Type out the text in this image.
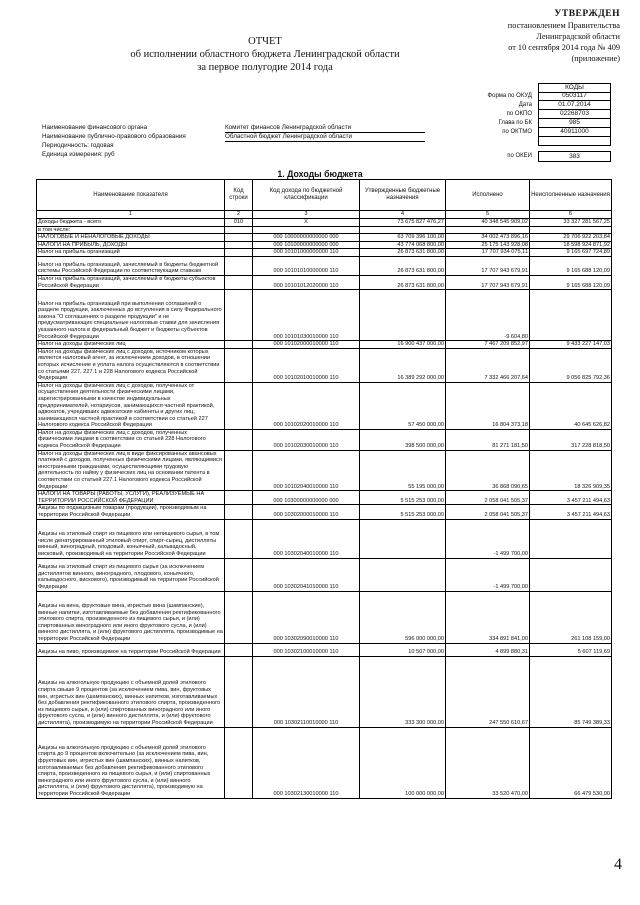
УТВЕРЖДЕН
постановлением Правительства
Ленинградской области
от 10 сентября 2014 года № 409
(приложение)
ОТЧЕТ
об исполнении областного бюджета Ленинградской области
за первое полугодие 2014 года
КОДЫ
Форма по ОКУД	0503117
Дата	01.07.2014
по ОКПО	02268703
Глава по БК	985
по ОКТМО	40911000
по ОКЕИ	383
Наименование финансового органа	Комитет финансов Ленинградской области
Наименование публично-правового образования	Областной бюджет Ленинградской области
Периодичность: годовая
Единица измерения: руб
1. Доходы бюджета
Наименование показателя	Код строки	Код дохода по бюджетной классификации	Утвержденные бюджетные назначения	Исполнено	Неисполненные назначения
1	2	3	4	5	6
Доходы бюджета - всего	010	X	73 675 827 476,27	40 348 545 909,02	33 327 281 567,25
в том числе:					
НАЛОГОВЫЕ И НЕНАЛОГОВЫЕ ДОХОДЫ		000 10000000000000 000	63 709 396 100,00	34 002 473 896,16	29 706 922 203,84
НАЛОГИ НА ПРИБЫЛЬ, ДОХОДЫ		000 10100000000000 000	43 774 068 800,00	25 175 143 928,08	18 598 924 871,92
Налог на прибыль организаций		000 10101000000000 110	26 873 631 800,00	17 707 934 075,11	9 165 697 724,89
Налог на прибыль организаций, зачисляемый в бюджеты бюджетной системы Российской Федерации по соответствующим ставкам		000 10101010000000 110	26 873 631 800,00	17 707 943 679,91	9 165 688 120,09
Налог на прибыль организаций, зачисляемый в бюджеты субъектов Российской Федерации		000 10101012020000 110	26 873 631 800,00	17 707 943 679,91	9 165 688 120,09
Налог на прибыль организаций при выполнении соглашений о разделе продукции, заключенных до вступления в силу Федерального закона "О соглашениях о разделе продукции" и не предусматривающих специальные налоговые ставки для зачисления указанного налога в федеральный бюджет и бюджеты субъектов Российской Федерации		000 10101030010000 110		-9 604,80	
Налог на доходы физических лиц		000 10102000010000 110	16 900 437 000,00	7 467 209 852,97	9 433 227 147,03
Налог на доходы физических лиц с доходов, источником которых является налоговый агент, за исключением доходов, в отношении которых исчисление и уплата налога осуществляются в соответствии со статьями 227, 227.1 и 228 Налогового кодекса Российской Федерации		000 10102010010000 110	16 389 292 000,00	7 332 466 207,64	9 056 825 792,36
Налог на доходы физических лиц с доходов, полученных от осуществления деятельности физическими лицами, зарегистрированными в качестве индивидуальных предпринимателей, нотариусов, занимающихся частной практикой, адвокатов, учредивших адвокатские кабинеты и других лиц, занимающихся частной практикой в соответствии со статьей 227 Налогового кодекса Российской Федерации		000 10102020010000 110	57 450 000,00	16 804 373,18	40 645 626,82
Налог на доходы физических лиц с доходов, полученных физическими лицами в соответствии со статьей 228 Налогового кодекса Российской Федерации		000 10102030010000 110	398 500 000,00	81 271 181,50	317 228 818,50
Налог на доходы физических лиц в виде фиксированных авансовых платежей с доходов, полученных физическими лицами, являющимися иностранными гражданами, осуществляющими трудовую деятельность по найму у физических лиц на основании патента в соответствии со статьей 227.1 Налогового кодекса Российской Федерации		000 10102040010000 110	55 195 000,00	36 868 090,65	18 326 909,35
НАЛОГИ НА ТОВАРЫ (РАБОТЫ, УСЛУГИ), РЕАЛИЗУЕМЫЕ НА ТЕРРИТОРИИ РОССИЙСКОЙ ФЕДЕРАЦИИ		000 10300000000000 000	5 515 253 000,00	2 058 041 505,37	3 457 211 494,63
Акцизы по подакцизным товарам (продукции), производимым на территории Российской Федерации		000 10302000010000 110	5 515 253 000,00	2 058 041 505,37	3 457 211 494,63
Акцизы на этиловый спирт из пищевого или непищевого сырья, в том числе денатурированный этиловый спирт, спирт-сырец, дистилляты винный, виноградный, плодовый, коньячный, кальвадосный, висковый, производимый на территории Российской Федерации		000 10302040010000 110		-1 499 700,00	
Акцизы на этиловый спирт из пищевого сырья (за исключением дистиллятов винного, виноградного, плодового, коньячного, кальвадосного, вискового), производимый на территории Российской Федерации		000 10302041010000 110		-1 499 700,00	
Акцизы на вина, фруктовые вина, игристые вина (шампанские), винные напитки, изготавливаемые без добавления ректификованного этилового спирта, произведенного из пищевого сырья, и (или) спиртованных виноградного или иного фруктового сусла, и (или) винного дистиллята, и (или) фруктового дистиллята, производимые на территории Российской Федерации		000 10302090010000 110	596 000 000,00	334 891 841,00	261 108 159,00
Акцизы на пиво, производимое на территории Российской Федерации		000 10302100010000 110	10 507 000,00	4 899 880,31	5 607 119,69
Акцизы на алкогольную продукцию с объемной долей этилового спирта свыше 9 процентов (за исключением пива, вин, фруктовых вин, игристых вин (шампанских), винных напитков, изготавливаемых без добавления ректификованного этилового спирта, произведенного из пищевого сырья, и (или) спиртованных виноградного или иного фруктового сусла, и (или) винного дистиллята, и (или) фруктового дистиллята), производимую на территории Российской Федерации		000 10302110010000 110	333 300 000,00	247 550 610,67	85 749 389,33
Акцизы на алкогольную продукцию с объемной долей этилового спирта до 9 процентов включительно (за исключением пива, вин, фруктовых вин, игристых вин (шампанских), винных напитков, изготавливаемых без добавления ректификованного этилового спирта, произведенного из пищевого сырья, и (или) спиртованных виноградного или иного фруктового сусла, и (или) винного дистиллята, и (или) фруктового дистиллята), производимую на территории Российской Федерации		000 10302130010000 110	100 000 000,00	33 520 470,00	66 479 530,00
4
